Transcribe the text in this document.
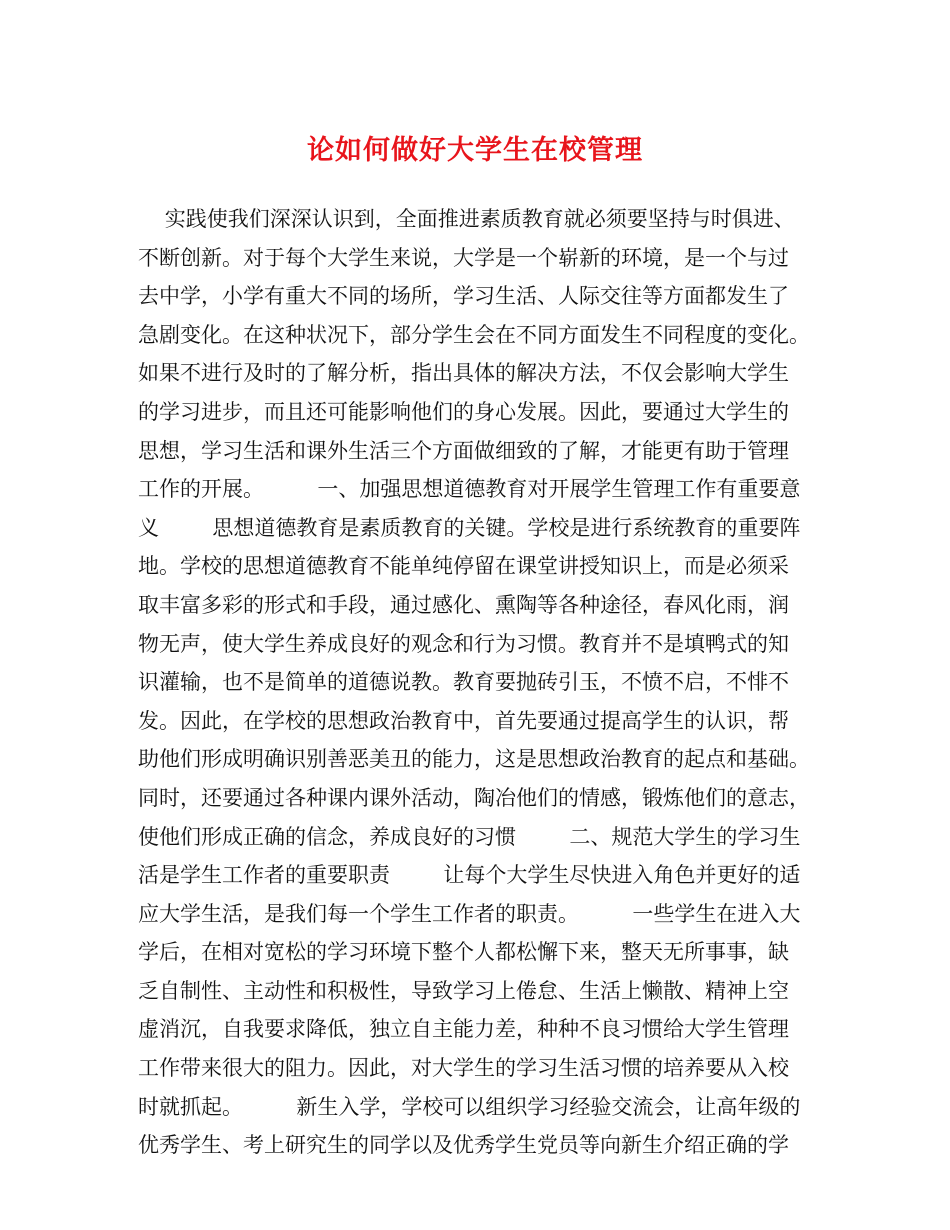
论如何做好大学生在校管理
实践使我们深深认识到，全面推进素质教育就必须要坚持与时俱进、
不断创新。对于每个大学生来说，大学是一个崭新的环境，是一个与过
去中学，小学有重大不同的场所，学习生活、人际交往等方面都发生了
急剧变化。在这种状况下，部分学生会在不同方面发生不同程度的变化。
如果不进行及时的了解分析，指出具体的解决方法，不仅会影响大学生
的学习进步，而且还可能影响他们的身心发展。因此，要通过大学生的
思想，学习生活和课外生活三个方面做细致的了解，才能更有助于管理
工作的开展。        一、加强思想道德教育对开展学生管理工作有重要意
义        思想道德教育是素质教育的关键。学校是进行系统教育的重要阵
地。学校的思想道德教育不能单纯停留在课堂讲授知识上，而是必须采
取丰富多彩的形式和手段，通过感化、熏陶等各种途径，春风化雨，润
物无声，使大学生养成良好的观念和行为习惯。教育并不是填鸭式的知
识灌输，也不是简单的道德说教。教育要抛砖引玉，不愤不启，不悱不
发。因此，在学校的思想政治教育中，首先要通过提高学生的认识，帮
助他们形成明确识别善恶美丑的能力，这是思想政治教育的起点和基础。
同时，还要通过各种课内课外活动，陶冶他们的情感，锻炼他们的意志，
使他们形成正确的信念，养成良好的习惯        二、规范大学生的学习生
活是学生工作者的重要职责        让每个大学生尽快进入角色并更好的适
应大学生活，是我们每一个学生工作者的职责。        一些学生在进入大
学后，在相对宽松的学习环境下整个人都松懈下来，整天无所事事，缺
乏自制性、主动性和积极性，导致学习上倦怠、生活上懒散、精神上空
虚消沉，自我要求降低，独立自主能力差，种种不良习惯给大学生管理
工作带来很大的阻力。因此，对大学生的学习生活习惯的培养要从入校
时就抓起。        新生入学，学校可以组织学习经验交流会，让高年级的
优秀学生、考上研究生的同学以及优秀学生党员等向新生介绍正确的学
